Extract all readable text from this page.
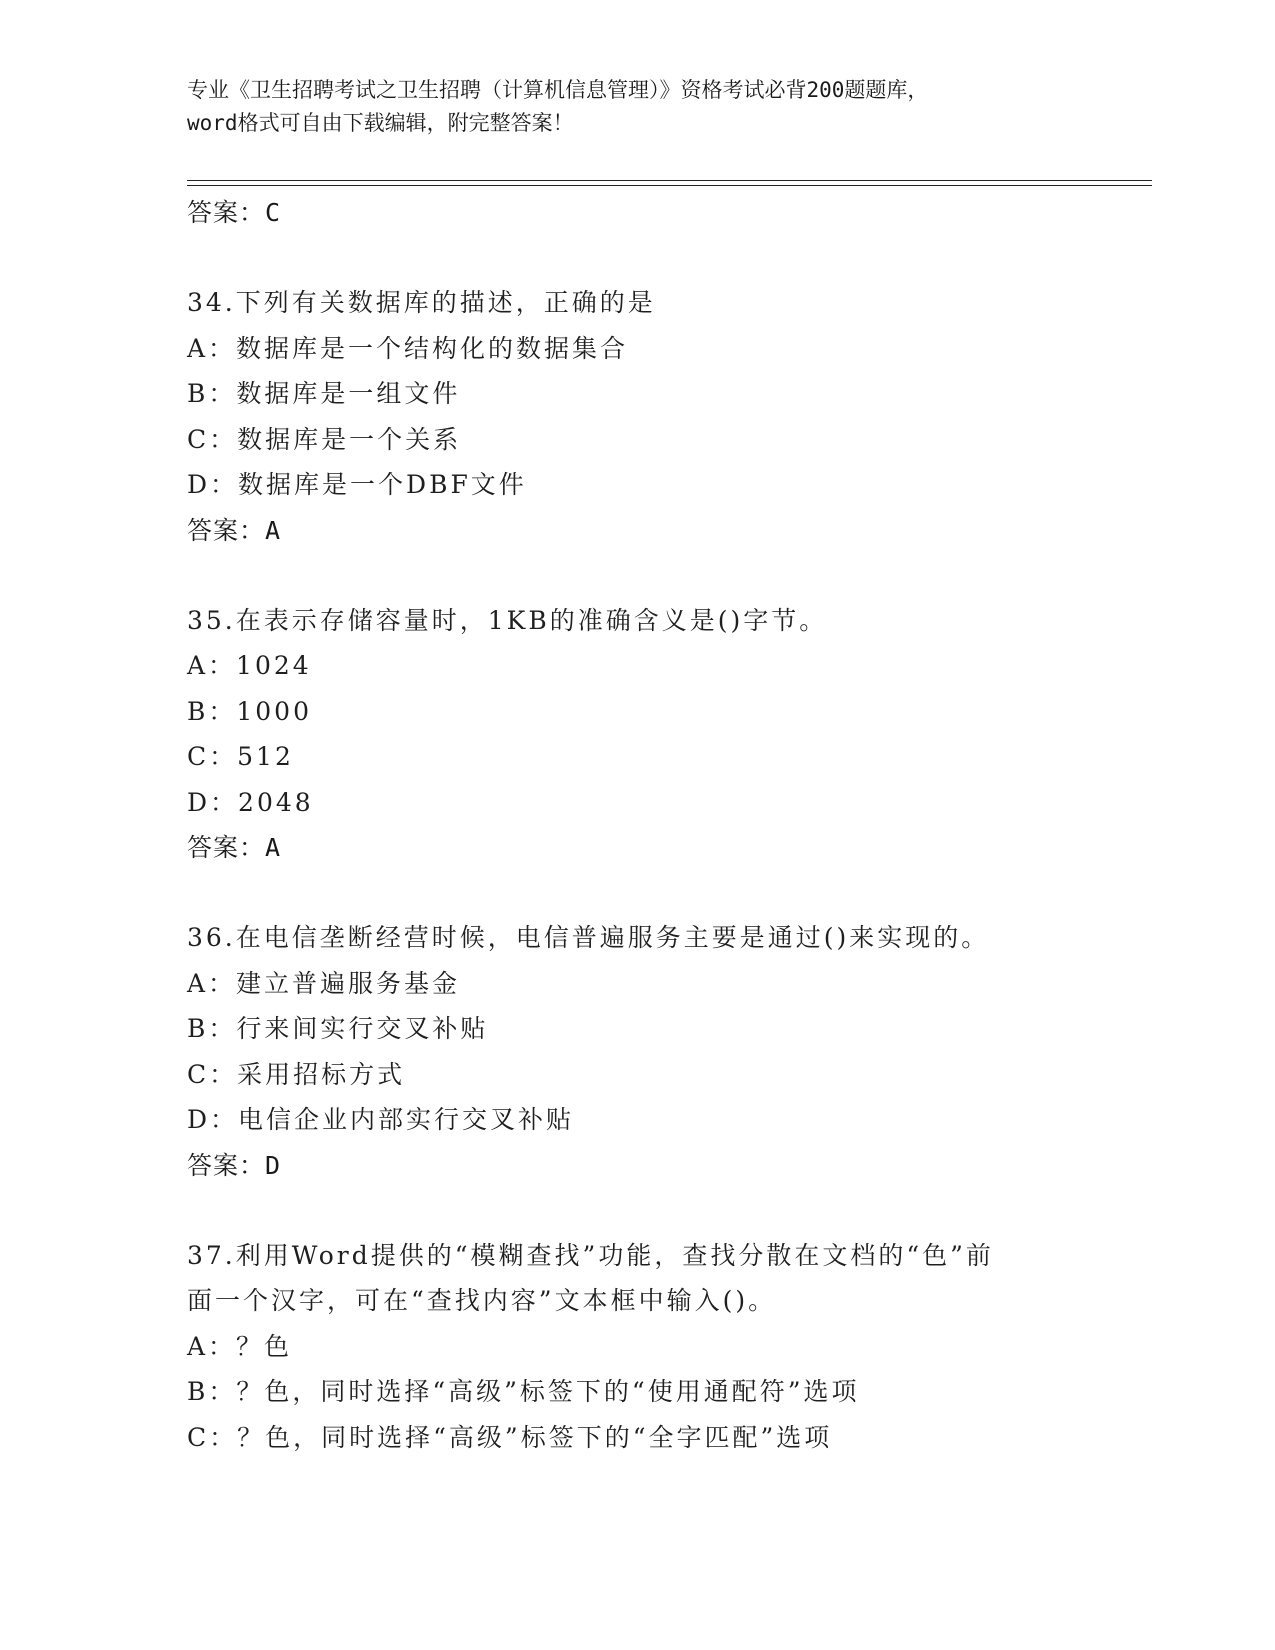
专业《卫生招聘考试之卫生招聘（计算机信息管理）》资格考试必背200题题库，

word格式可自由下载编辑，附完整答案！

答案：C

34.下列有关数据库的描述，正确的是

A：数据库是一个结构化的数据集合

B：数据库是一组文件

C：数据库是一个关系

D：数据库是一个DBF文件

答案：A

35.在表示存储容量时，1KB的准确含义是()字节。

A：1024

B：1000

C：512

D：2048

答案：A

36.在电信垄断经营时候，电信普遍服务主要是通过()来实现的。

A：建立普遍服务基金

B：行来间实行交叉补贴

C：采用招标方式

D：电信企业内部实行交叉补贴

答案：D

37.利用Word提供的“模糊查找”功能，查找分散在文档的“色”前

面一个汉字，可在“查找内容”文本框中输入()。

A：？色

B：？色，同时选择“高级”标签下的“使用通配符”选项

C：？色，同时选择“高级”标签下的“全字匹配”选项
